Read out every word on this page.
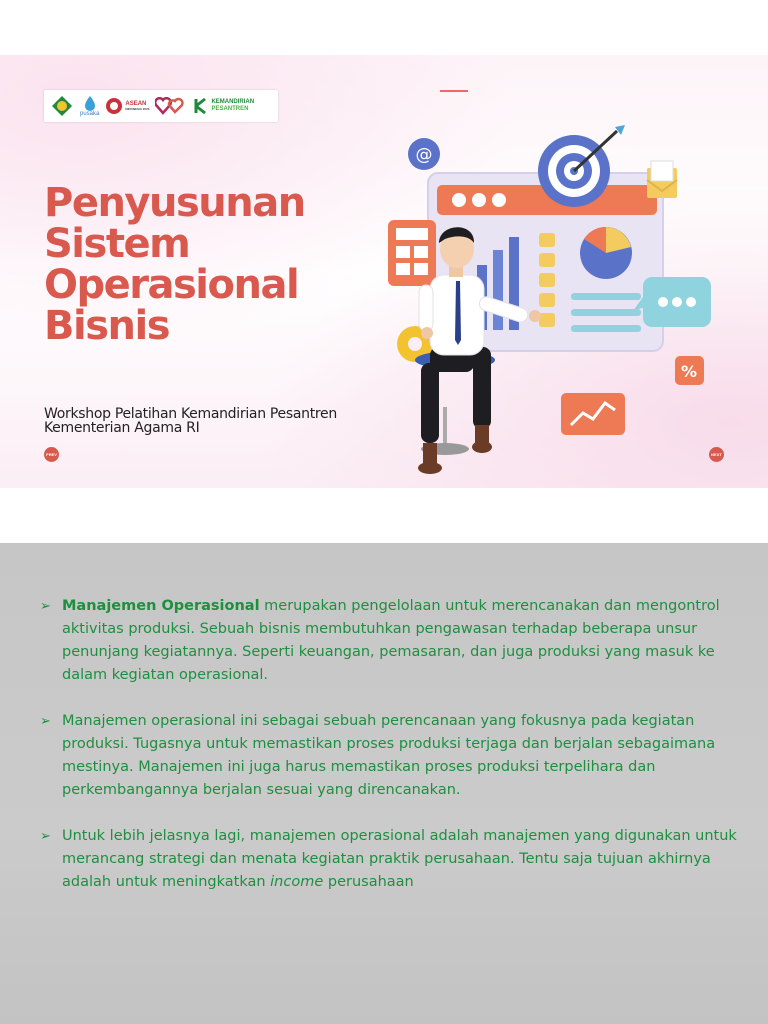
pusaka
ASEAN
INDONESIA 2023
KEMANDIRIAN
PESANTREN
Penyusunan
Sistem
Operasional
Bisnis
Workshop Pelatihan Kemandirian Pesantren
Kementerian Agama RI
PREV	NEXT
@
%
➢ Manajemen Operasional merupakan pengelolaan untuk merencanakan dan mengontrol aktivitas produksi. Sebuah bisnis membutuhkan pengawasan terhadap beberapa unsur penunjang kegiatannya. Seperti keuangan, pemasaran, dan juga produksi yang masuk ke dalam kegiatan operasional.
➢ Manajemen operasional ini sebagai sebuah perencanaan yang fokusnya pada kegiatan produksi. Tugasnya untuk memastikan proses produksi terjaga dan berjalan sebagaimana mestinya. Manajemen ini juga harus memastikan proses produksi terpelihara dan perkembangannya berjalan sesuai yang direncanakan.
➢ Untuk lebih jelasnya lagi, manajemen operasional adalah manajemen yang digunakan untuk merancang strategi dan menata kegiatan praktik perusahaan. Tentu saja tujuan akhirnya adalah untuk meningkatkan income perusahaan
